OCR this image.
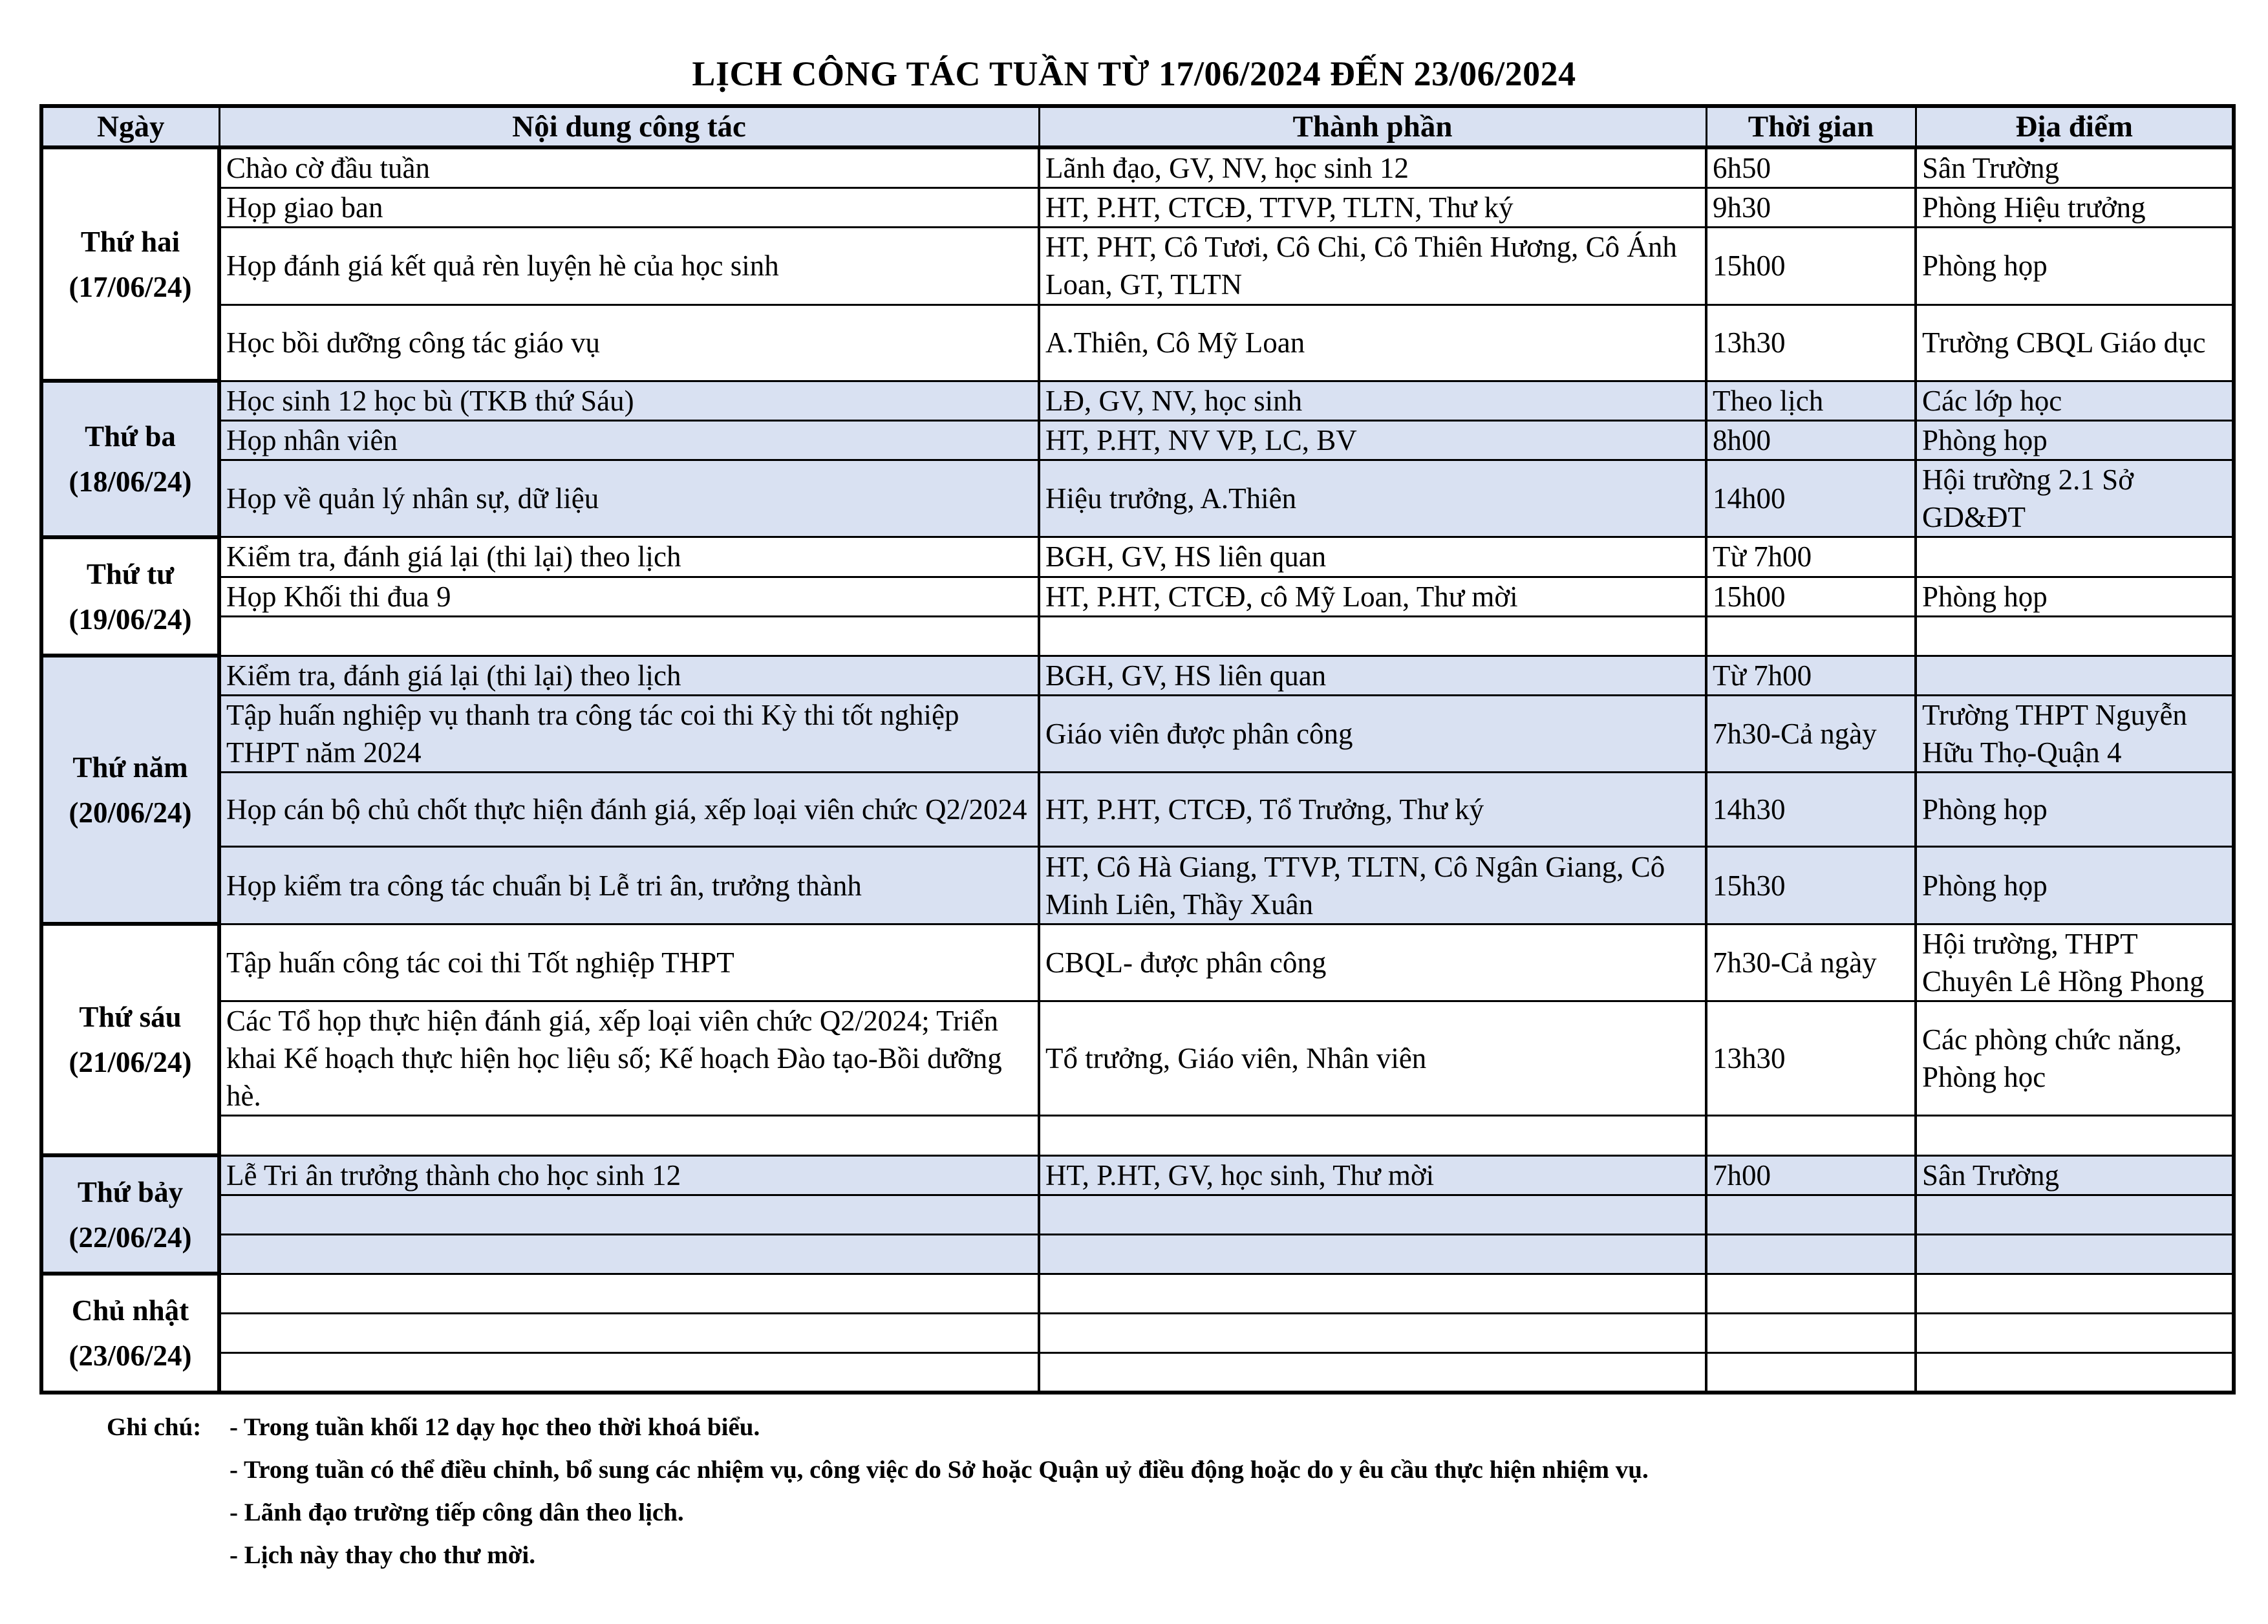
LỊCH CÔNG TÁC TUẦN TỪ 17/06/2024 ĐẾN 23/06/2024
Ngày	Nội dung công tác	Thành phần	Thời gian	Địa điểm

Thứ hai
(17/06/24)	Chào cờ đầu tuần	Lãnh đạo, GV, NV, học sinh 12	6h50	Sân Trường
	Họp giao ban	HT, P.HT, CTCĐ, TTVP, TLTN, Thư ký	9h30	Phòng Hiệu trưởng
	Họp đánh giá kết quả rèn luyện hè của học sinh	HT, PHT, Cô Tươi, Cô Chi, Cô Thiên Hương, Cô Ánh Loan, GT, TLTN	15h00	Phòng họp
	Học bồi dưỡng công tác giáo vụ	A.Thiên, Cô Mỹ Loan	13h30	Trường CBQL Giáo dục

Thứ ba
(18/06/24)	Học sinh 12 học bù (TKB thứ Sáu)	LĐ, GV, NV, học sinh	Theo lịch	Các lớp học
	Họp nhân viên	HT, P.HT, NV VP, LC, BV	8h00	Phòng họp
	Họp về quản lý nhân sự, dữ liệu	Hiệu trưởng, A.Thiên	14h00	Hội trường 2.1 Sở GD&ĐT

Thứ tư
(19/06/24)	Kiểm tra, đánh giá lại (thi lại) theo lịch	BGH, GV, HS liên quan	Từ 7h00	
	Họp Khối thi đua 9	HT, P.HT, CTCĐ, cô Mỹ Loan, Thư mời	15h00	Phòng họp

Thứ năm
(20/06/24)	Kiểm tra, đánh giá lại (thi lại) theo lịch	BGH, GV, HS liên quan	Từ 7h00	
	Tập huấn nghiệp vụ thanh tra công tác coi thi Kỳ thi tốt nghiệp THPT năm 2024	Giáo viên được phân công	7h30-Cả ngày	Trường THPT Nguyễn Hữu Thọ-Quận 4
	Họp cán bộ chủ chốt thực hiện đánh giá, xếp loại viên chức Q2/2024	HT, P.HT, CTCĐ, Tổ Trưởng, Thư ký	14h30	Phòng họp
	Họp kiểm tra công tác chuẩn bị Lễ tri ân, trưởng thành	HT, Cô Hà Giang, TTVP, TLTN, Cô Ngân Giang, Cô Minh Liên, Thầy Xuân	15h30	Phòng họp

Thứ sáu
(21/06/24)	Tập huấn công tác coi thi Tốt nghiệp THPT	CBQL- được phân công	7h30-Cả ngày	Hội trường, THPT Chuyên Lê Hồng Phong
	Các Tổ họp thực hiện đánh giá, xếp loại viên chức Q2/2024; Triển khai Kế hoạch thực hiện học liệu số; Kế hoạch Đào tạo-Bồi dưỡng hè.	Tổ trưởng, Giáo viên, Nhân viên	13h30	Các phòng chức năng, Phòng học

Thứ bảy
(22/06/24)	Lễ Tri ân trưởng thành cho học sinh 12	HT, P.HT, GV, học sinh, Thư mời	7h00	Sân Trường

Chủ nhật
(23/06/24)				

Ghi chú:	- Trong tuần khối 12 dạy học theo thời khoá biểu.
- Trong tuần có thể điều chỉnh, bổ sung các nhiệm vụ, công việc do Sở hoặc Quận uỷ điều động hoặc do y êu cầu thực hiện nhiệm vụ.
- Lãnh đạo trường tiếp công dân theo lịch.
- Lịch này thay cho thư mời.
